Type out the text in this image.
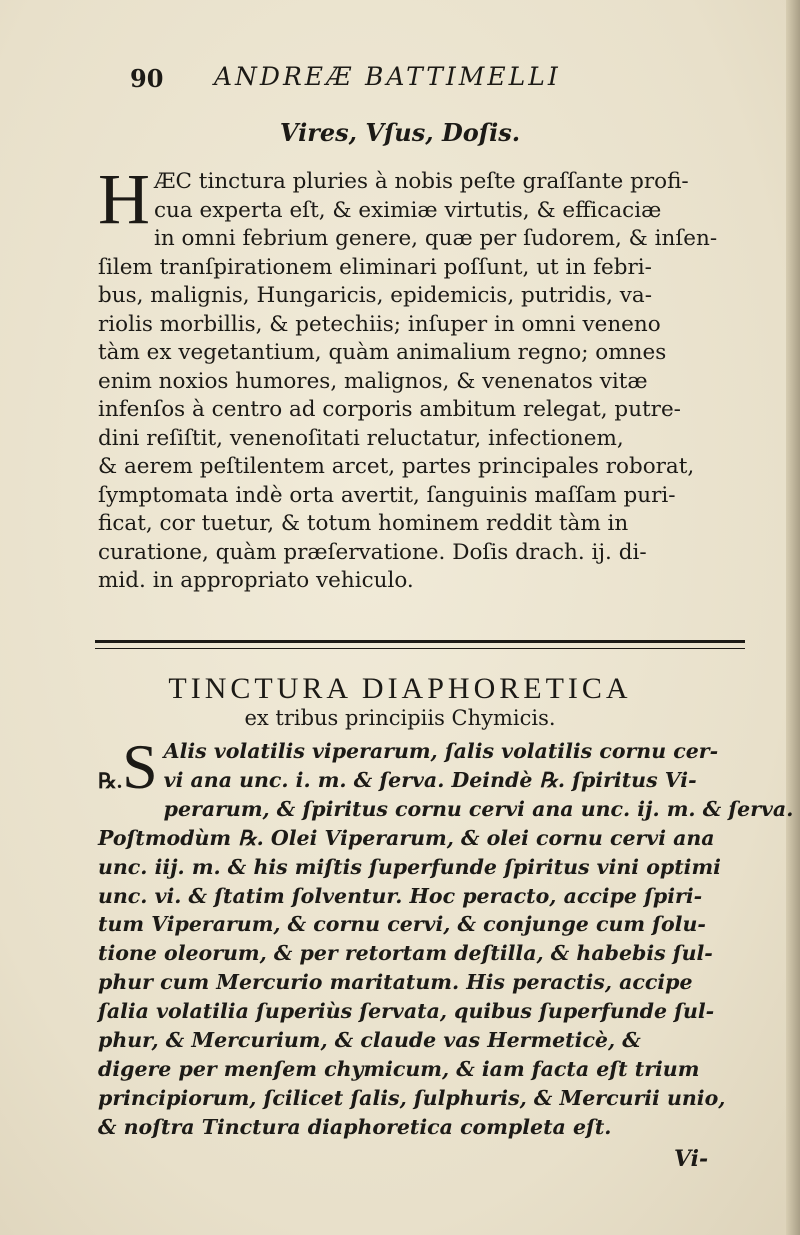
90 ANDREÆ BATTIMELLI
Vires, Vſus, Doſis.
H ÆC tinctura pluries à nobis peſte graſſante profi-
cua experta eſt, & eximiæ virtutis, & efficaciæ
in omni febrium genere, quæ per ſudorem, & inſen-
ſilem tranſpirationem eliminari poſſunt, ut in febri-
bus, malignis, Hungaricis, epidemicis, putridis, va-
riolis morbillis, & petechiis; inſuper in omni veneno
tàm ex vegetantium, quàm animalium regno; omnes
enim noxios humores, malignos, & venenatos vitæ
infenſos à centro ad corporis ambitum relegat, putre-
dini reſiſtit, venenoſitati reluctatur, infectionem,
& aerem peſtilentem arcet, partes principales roborat,
ſymptomata indè orta avertit, ſanguinis maſſam puri-
ficat, cor tuetur, & totum hominem reddit tàm in
curatione, quàm præſervatione. Doſis drach. ij. di-
mid. in appropriato vehiculo.
TINCTURA DIAPHORETICA
ex tribus principiis Chymicis.
℞.S Alis volatilis viperarum, ſalis volatilis cornu cer-
vi ana unc. i. m. & ſerva. Deindè ℞. ſpiritus Vi-
perarum, & ſpiritus cornu cervi ana unc. ij. m. & ſerva.
Poſtmodùm ℞. Olei Viperarum, & olei cornu cervi ana
unc. iij. m. & his miſtis ſuperfunde ſpiritus vini optimi
unc. vi. & ſtatim ſolventur. Hoc peracto, accipe ſpiri-
tum Viperarum, & cornu cervi, & conjunge cum ſolu-
tione oleorum, & per retortam deſtilla, & habebis ſul-
phur cum Mercurio maritatum. His peractis, accipe
ſalia volatilia ſuperiùs ſervata, quibus ſuperfunde ſul-
phur, & Mercurium, & claude vas Hermeticè, &
digere per menſem chymicum, & iam facta eſt trium
principiorum, ſcilicet ſalis, ſulphuris, & Mercurii unio,
& noſtra Tinctura diaphoretica completa eſt.
Vi-
